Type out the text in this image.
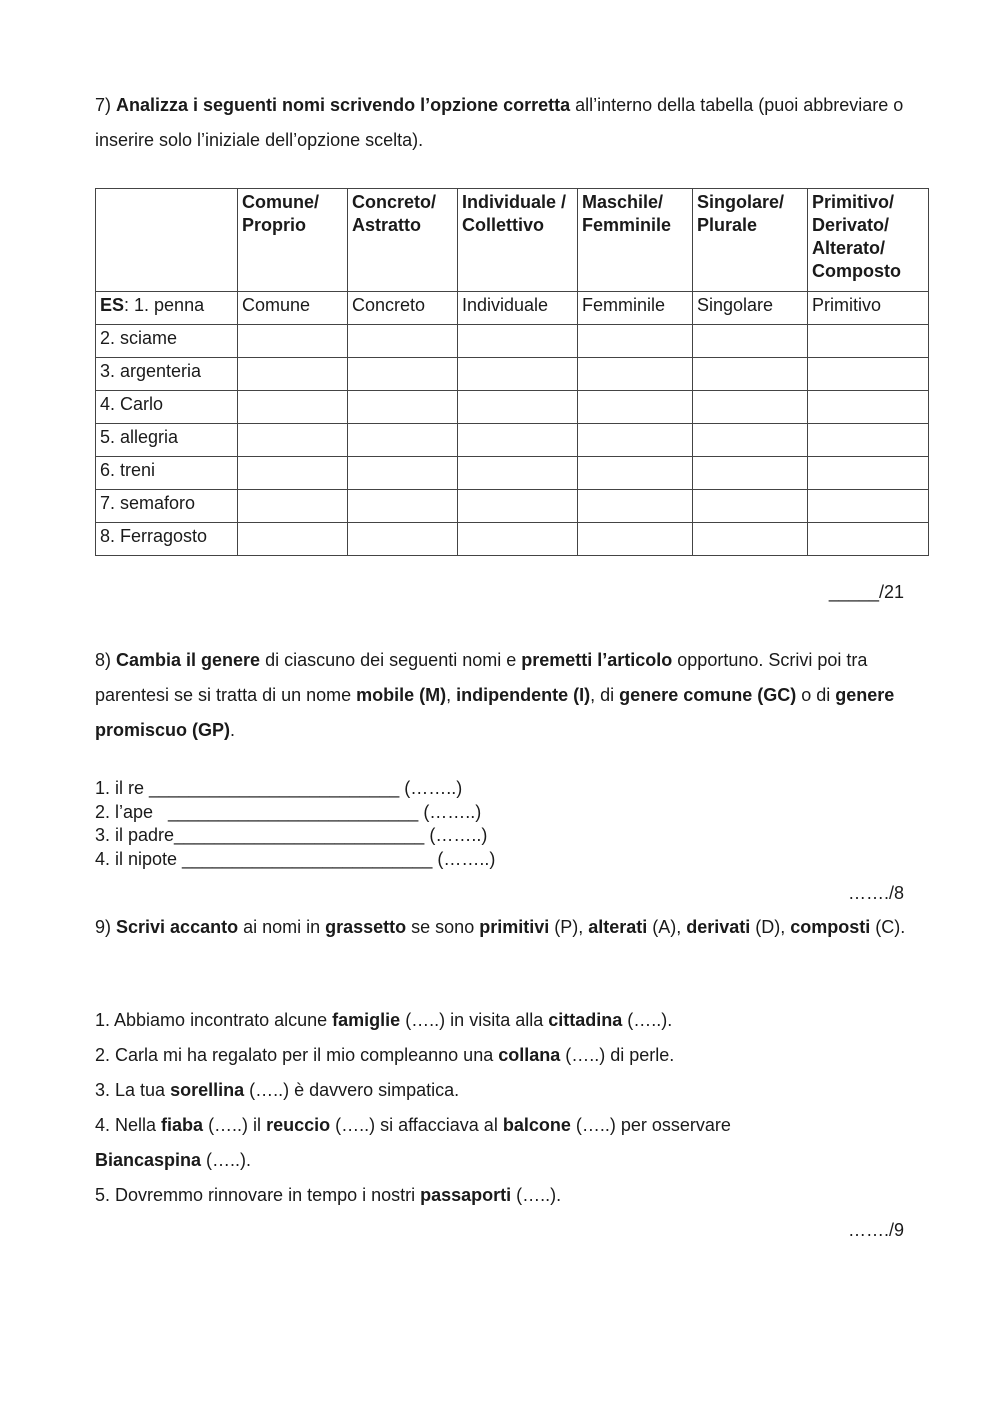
7) Analizza i seguenti nomi scrivendo l’opzione corretta all’interno della tabella (puoi abbreviare o inserire solo l’iniziale dell’opzione scelta).

	Comune/ Proprio	Concreto/ Astratto	Individuale / Collettivo	Maschile/ Femminile	Singolare/ Plurale	Primitivo/ Derivato/ Alterato/ Composto
ES: 1. penna	Comune	Concreto	Individuale	Femminile	Singolare	Primitivo
2. sciame						
3. argenteria						
4. Carlo						
5. allegria						
6. treni						
7. semaforo						
8. Ferragosto						
_____/21

8) Cambia il genere di ciascuno dei seguenti nomi e premetti l’articolo opportuno. Scrivi poi tra parentesi se si tratta di un nome mobile (M), indipendente (I), di genere comune (GC) o di genere promiscuo (GP).

1. il re _________________________ (……..)
2. l’ape   _________________________ (……..)
3. il padre_________________________ (……..)
4. il nipote _________________________ (……..)
……./8

9) Scrivi accanto ai nomi in grassetto se sono primitivi (P), alterati (A), derivati (D), composti (C).

1. Abbiamo incontrato alcune famiglie (…..) in visita alla cittadina (…..).

2. Carla mi ha regalato per il mio compleanno una collana (…..) di perle.

3. La tua sorellina (…..) è davvero simpatica.

4. Nella fiaba (…..) il reuccio (…..) si affacciava al balcone (…..) per osservare Biancaspina (…..).

5. Dovremmo rinnovare in tempo i nostri passaporti (…..).

……./9
